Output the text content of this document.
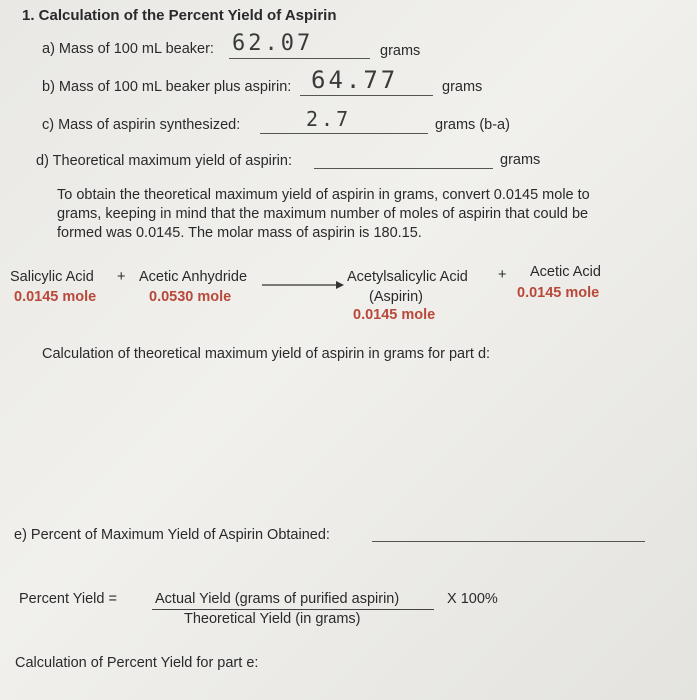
1. Calculation of the Percent Yield of Aspirin
a) Mass of 100 mL beaker: 62.07	grams
b) Mass of 100 mL beaker plus aspirin: 64.77	grams
c) Mass of aspirin synthesized:	2.7	grams (b-a)
d) Theoretical maximum yield of aspirin:	grams
To obtain the theoretical maximum yield of aspirin in grams, convert 0.0145 mole to grams, keeping in mind that the maximum number of moles of aspirin that could be formed was 0.0145. The molar mass of aspirin is 180.15.
Salicylic Acid
0.0145 mole
+ Acetic Anhydride
0.0530 mole
Acetylsalicylic Acid
(Aspirin)
0.0145 mole
+ Acetic Acid
0.0145 mole
Calculation of theoretical maximum yield of aspirin in grams for part d:
e) Percent of Maximum Yield of Aspirin Obtained:
Percent Yield =	Actual Yield (grams of purified aspirin)
Theoretical Yield (in grams)
X 100%
Calculation of Percent Yield for part e:
